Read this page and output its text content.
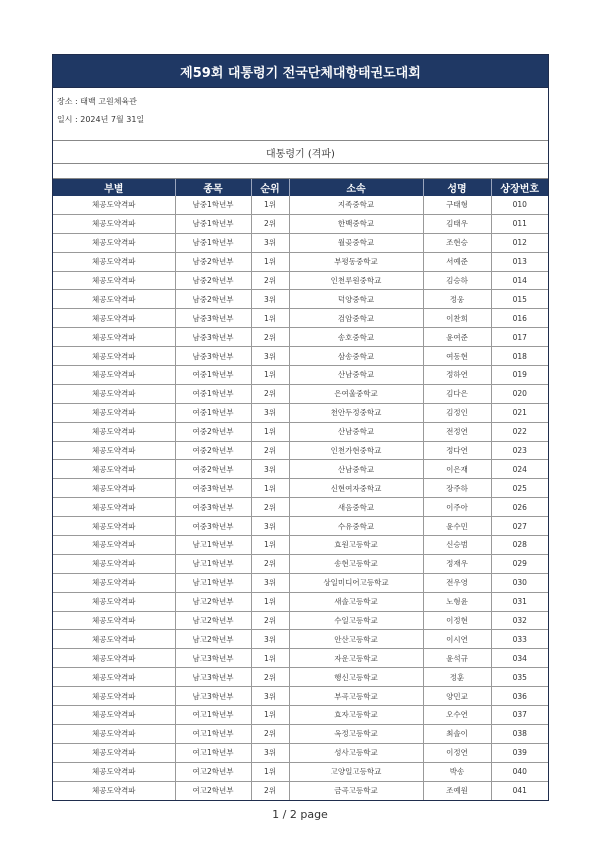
제59회 대통령기 전국단체대항태권도대회
장소 : 태백 고원체육관
일시 : 2024년 7월 31일
대통령기 (격파)
부별	종목	순위	소속	성명	상장번호
체공도약격파	남중1학년부	1위	지족중학교	구태형	010
체공도약격파	남중1학년부	2위	한백중학교	김태우	011
체공도약격파	남중1학년부	3위	월곶중학교	조현승	012
체공도약격파	남중2학년부	1위	부평동중학교	서예준	013
체공도약격파	남중2학년부	2위	인천루원중학교	김승하	014
체공도약격파	남중2학년부	3위	덕양중학교	정웅	015
체공도약격파	남중3학년부	1위	검암중학교	이찬희	016
체공도약격파	남중3학년부	2위	송호중학교	윤여준	017
체공도약격파	남중3학년부	3위	삼송중학교	여동현	018
체공도약격파	여중1학년부	1위	산남중학교	정하연	019
체공도약격파	여중1학년부	2위	은여울중학교	김다은	020
체공도약격파	여중1학년부	3위	천안두정중학교	김정인	021
체공도약격파	여중2학년부	1위	산남중학교	전정연	022
체공도약격파	여중2학년부	2위	인천가현중학교	정다연	023
체공도약격파	여중2학년부	3위	산남중학교	이은재	024
체공도약격파	여중3학년부	1위	신현여자중학교	장주하	025
체공도약격파	여중3학년부	2위	새음중학교	이주아	026
체공도약격파	여중3학년부	3위	수유중학교	윤수민	027
체공도약격파	남고1학년부	1위	효원고등학교	신승범	028
체공도약격파	남고1학년부	2위	송현고등학교	정재우	029
체공도약격파	남고1학년부	3위	상일미디어고등학교	전우영	030
체공도약격파	남고2학년부	1위	새솔고등학교	노형윤	031
체공도약격파	남고2학년부	2위	수일고등학교	이정현	032
체공도약격파	남고2학년부	3위	안산고등학교	이시연	033
체공도약격파	남고3학년부	1위	자운고등학교	윤석규	034
체공도약격파	남고3학년부	2위	행신고등학교	정훈	035
체공도약격파	남고3학년부	3위	부곡고등학교	양민교	036
체공도약격파	여고1학년부	1위	효자고등학교	오수연	037
체공도약격파	여고1학년부	2위	옥정고등학교	최솔이	038
체공도약격파	여고1학년부	3위	성사고등학교	이정연	039
체공도약격파	여고2학년부	1위	고양일고등학교	박송	040
체공도약격파	여고2학년부	2위	금곡고등학교	조예원	041
1 / 2 page
